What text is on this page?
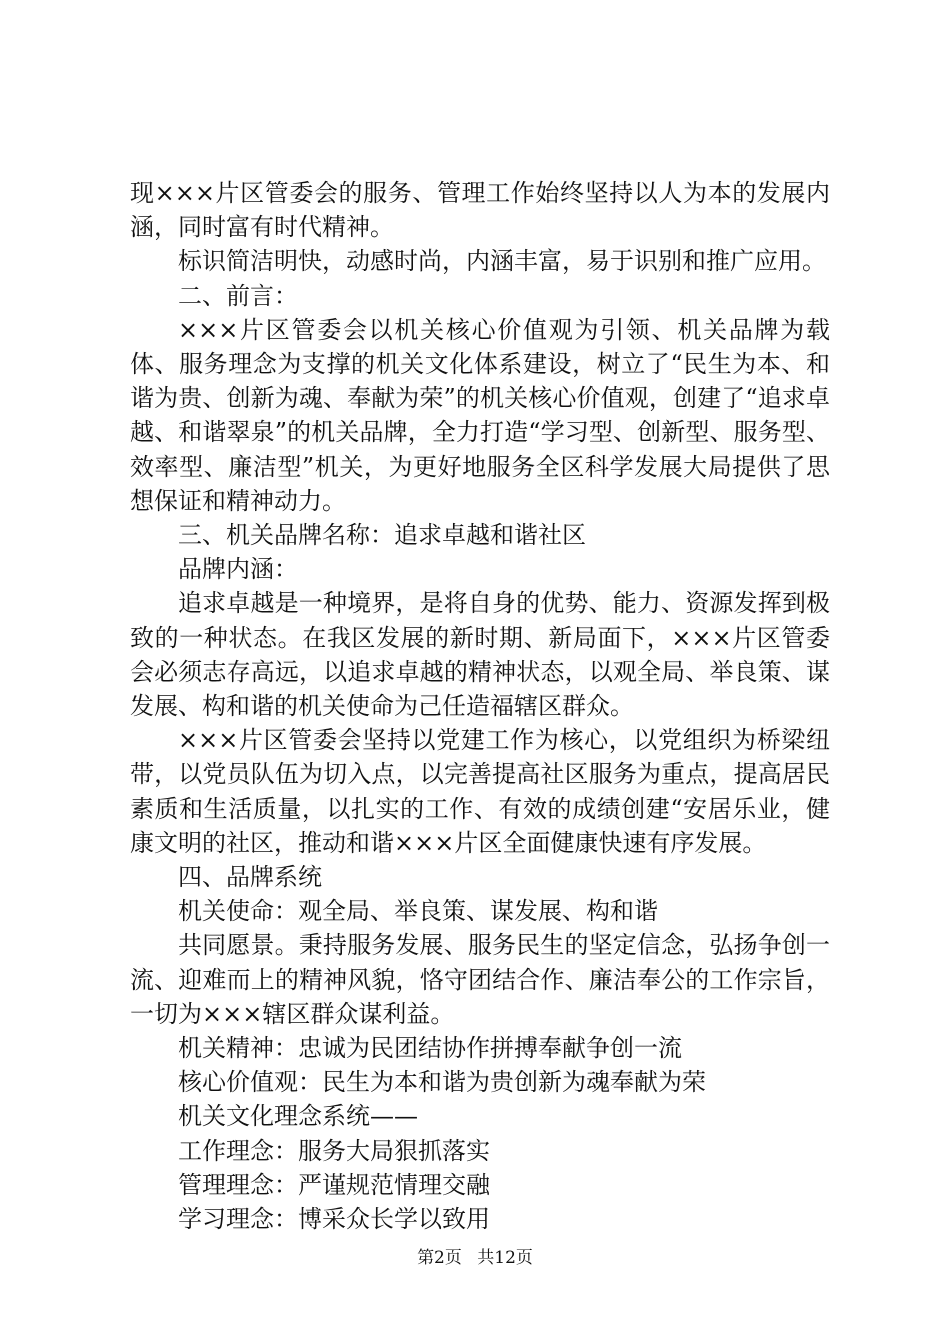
现×××片区管委会的服务、管理工作始终坚持以人为本的发展内涵，同时富有时代精神。

标识简洁明快，动感时尚，内涵丰富，易于识别和推广应用。

二、前言：

×××片区管委会以机关核心价值观为引领、机关品牌为载体、服务理念为支撑的机关文化体系建设，树立了“民生为本、和谐为贵、创新为魂、奉献为荣”的机关核心价值观，创建了“追求卓越、和谐翠泉”的机关品牌，全力打造“学习型、创新型、服务型、效率型、廉洁型”机关，为更好地服务全区科学发展大局提供了思想保证和精神动力。

三、机关品牌名称：追求卓越和谐社区

品牌内涵：

追求卓越是一种境界，是将自身的优势、能力、资源发挥到极致的一种状态。在我区发展的新时期、新局面下，×××片区管委会必须志存高远，以追求卓越的精神状态，以观全局、举良策、谋发展、构和谐的机关使命为己任造福辖区群众。

×××片区管委会坚持以党建工作为核心，以党组织为桥梁纽带，以党员队伍为切入点，以完善提高社区服务为重点，提高居民素质和生活质量，以扎实的工作、有效的成绩创建“安居乐业，健康文明的社区，推动和谐×××片区全面健康快速有序发展。

四、品牌系统

机关使命：观全局、举良策、谋发展、构和谐

共同愿景。秉持服务发展、服务民生的坚定信念，弘扬争创一流、迎难而上的精神风貌，恪守团结合作、廉洁奉公的工作宗旨，一切为×××辖区群众谋利益。

机关精神：忠诚为民团结协作拼搏奉献争创一流

核心价值观：民生为本和谐为贵创新为魂奉献为荣

机关文化理念系统——

工作理念：服务大局狠抓落实

管理理念：严谨规范情理交融

学习理念：博采众长学以致用

第2页 共12页
